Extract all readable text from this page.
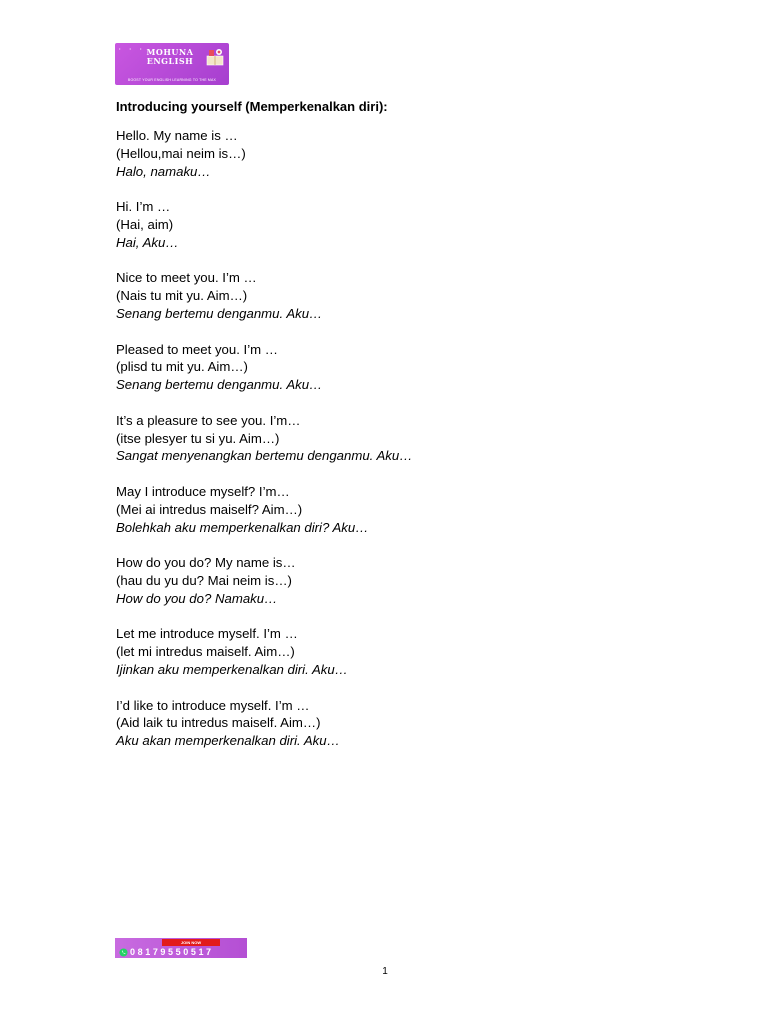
• • • MOHUNA
ENGLISH
BOOST YOUR ENGLISH LEARNING TO THE MAX
Introducing yourself (Memperkenalkan diri):
Hello. My name is …
(Hellou,mai neim is…)
Halo, namaku…
Hi. I’m …
(Hai, aim)
Hai, Aku…
Nice to meet you. I’m …
(Nais tu mit yu. Aim…)
Senang bertemu denganmu. Aku…
Pleased to meet you. I’m …
(plisd tu mit yu. Aim…)
Senang bertemu denganmu. Aku…
It’s a pleasure to see you. I’m…
(itse plesyer tu si yu. Aim…)
Sangat menyenangkan bertemu denganmu. Aku…
May I introduce myself? I’m…
(Mei ai intredus maiself? Aim…)
Bolehkah aku memperkenalkan diri? Aku…
How do you do? My name is…
(hau du yu du? Mai neim is…)
How do you do? Namaku…
Let me introduce myself. I’m …
(let mi intredus maiself. Aim…)
Ijinkan aku memperkenalkan diri. Aku…
I’d like to introduce myself. I’m …
(Aid laik tu intredus maiself. Aim…)
Aku akan memperkenalkan diri. Aku…
JOIN NOW
08179550517
1
